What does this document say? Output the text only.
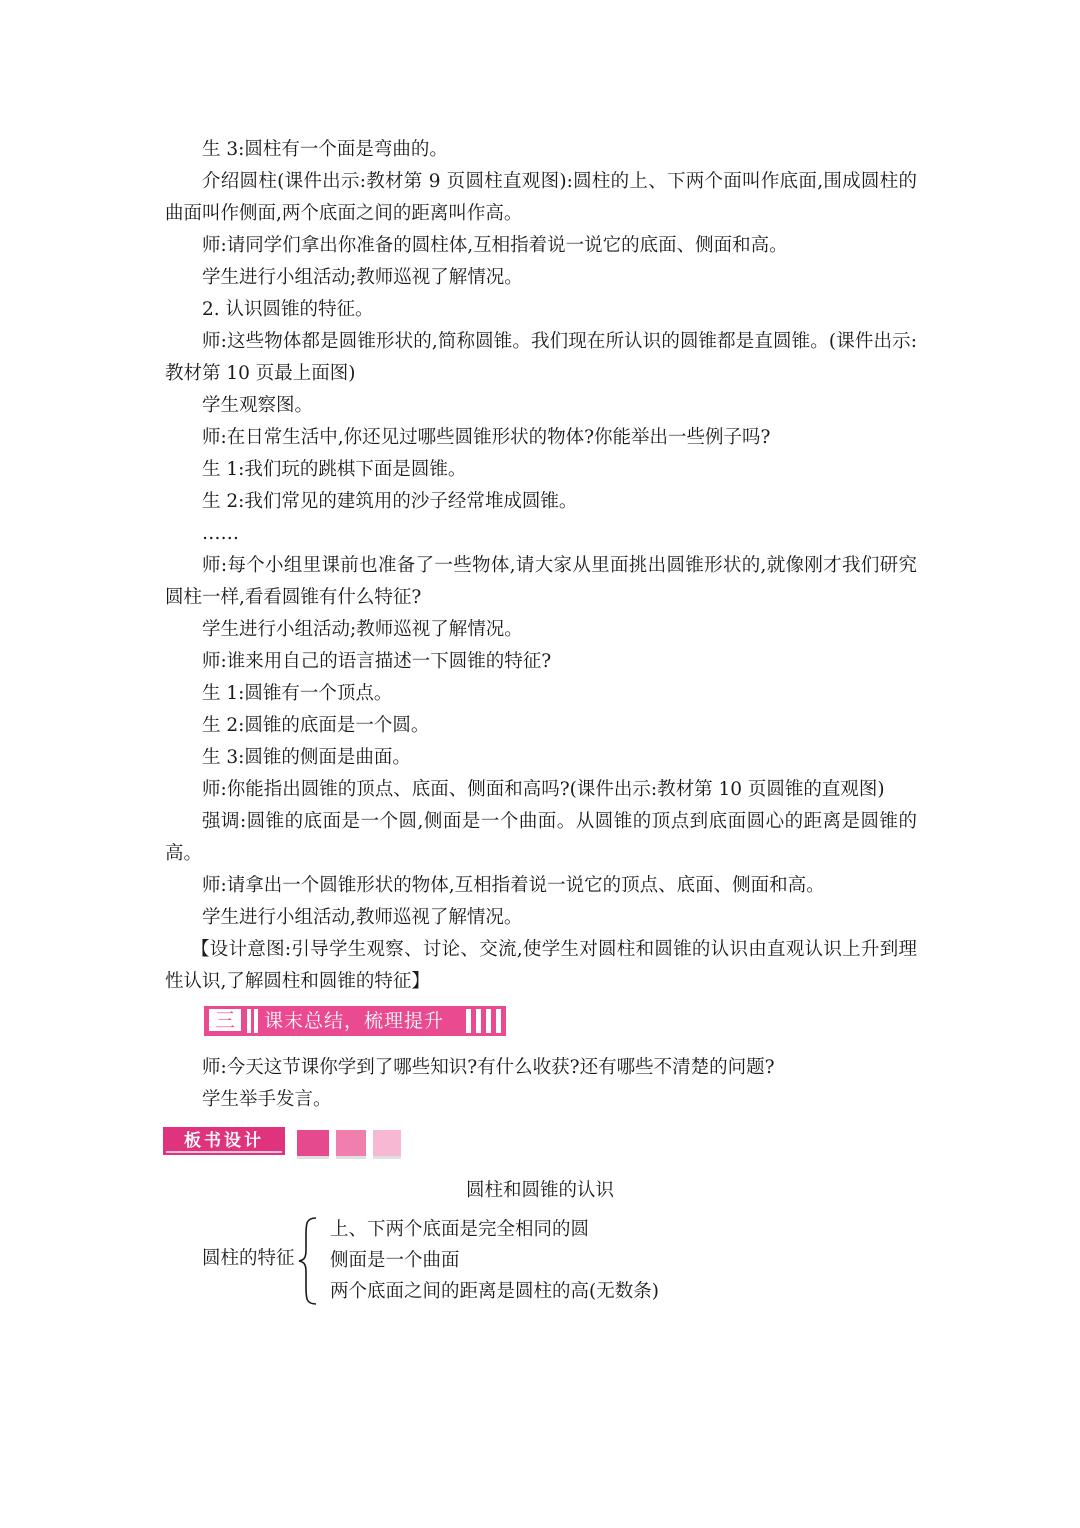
生 3:圆柱有一个面是弯曲的。

介绍圆柱(课件出示:教材第 9 页圆柱直观图):圆柱的上、下两个面叫作底面,围成圆柱的曲面叫作侧面,两个底面之间的距离叫作高。

师:请同学们拿出你准备的圆柱体,互相指着说一说它的底面、侧面和高。

学生进行小组活动;教师巡视了解情况。

2. 认识圆锥的特征。

师:这些物体都是圆锥形状的,简称圆锥。我们现在所认识的圆锥都是直圆锥。(课件出示:教材第 10 页最上面图)

学生观察图。

师:在日常生活中,你还见过哪些圆锥形状的物体?你能举出一些例子吗?

生 1:我们玩的跳棋下面是圆锥。

生 2:我们常见的建筑用的沙子经常堆成圆锥。

……

师:每个小组里课前也准备了一些物体,请大家从里面挑出圆锥形状的,就像刚才我们研究圆柱一样,看看圆锥有什么特征?

学生进行小组活动;教师巡视了解情况。

师:谁来用自己的语言描述一下圆锥的特征?

生 1:圆锥有一个顶点。

生 2:圆锥的底面是一个圆。

生 3:圆锥的侧面是曲面。

师:你能指出圆锥的顶点、底面、侧面和高吗?(课件出示:教材第 10 页圆锥的直观图)

强调:圆锥的底面是一个圆,侧面是一个曲面。从圆锥的顶点到底面圆心的距离是圆锥的高。

师:请拿出一个圆锥形状的物体,互相指着说一说它的顶点、底面、侧面和高。

学生进行小组活动,教师巡视了解情况。

【设计意图:引导学生观察、讨论、交流,使学生对圆柱和圆锥的认识由直观认识上升到理性认识,了解圆柱和圆锥的特征】

三	课末总结，梳理提升

师:今天这节课你学到了哪些知识?有什么收获?还有哪些不清楚的问题?

学生举手发言。

板书设计
圆柱和圆锥的认识
圆柱的特征
上、下两个底面是完全相同的圆
侧面是一个曲面
两个底面之间的距离是圆柱的高(无数条)
